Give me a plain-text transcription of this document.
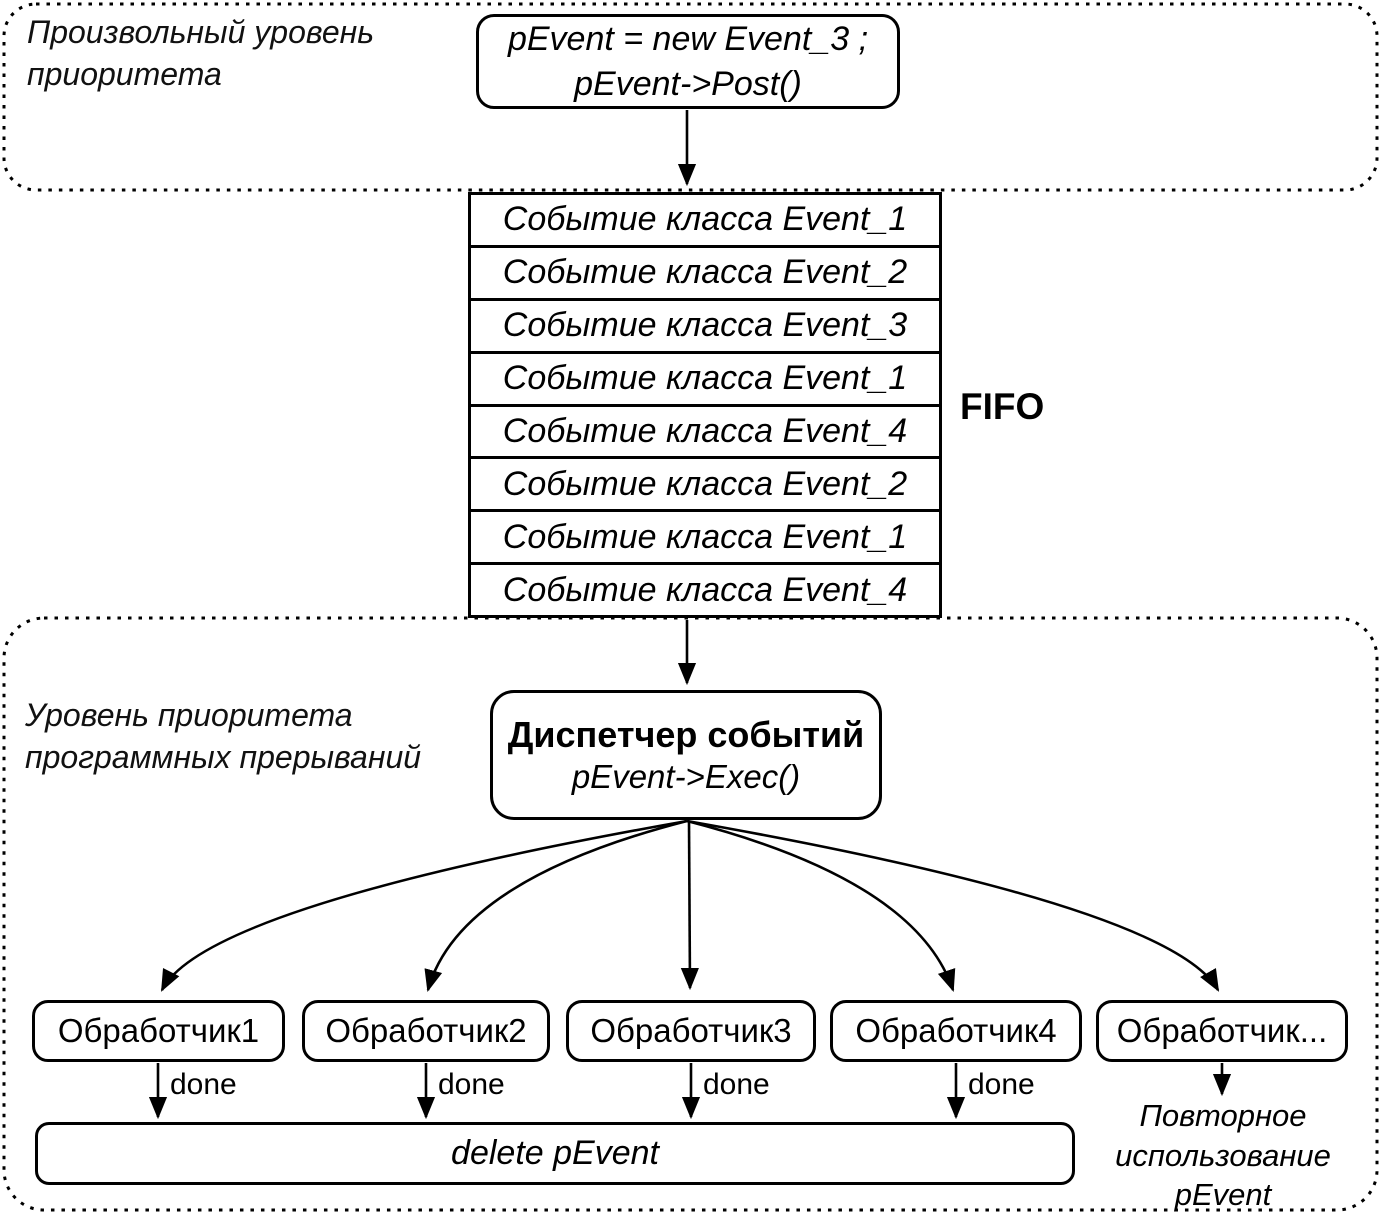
Произвольный уровень приоритета
pEvent = new Event_3 ;
pEvent->Post()
Событие класса Event_1
Событие класса Event_2
Событие класса Event_3
Событие класса Event_1
Событие класса Event_4
Событие класса Event_2
Событие класса Event_1
Событие класса Event_4
FIFO
Уровень приоритета программных прерываний
Диспетчер событий
pEvent->Exec()
Обработчик1	Обработчик2	Обработчик3	Обработчик4	Обработчик...
done	done	done	done
delete pEvent
Повторное использование pEvent
